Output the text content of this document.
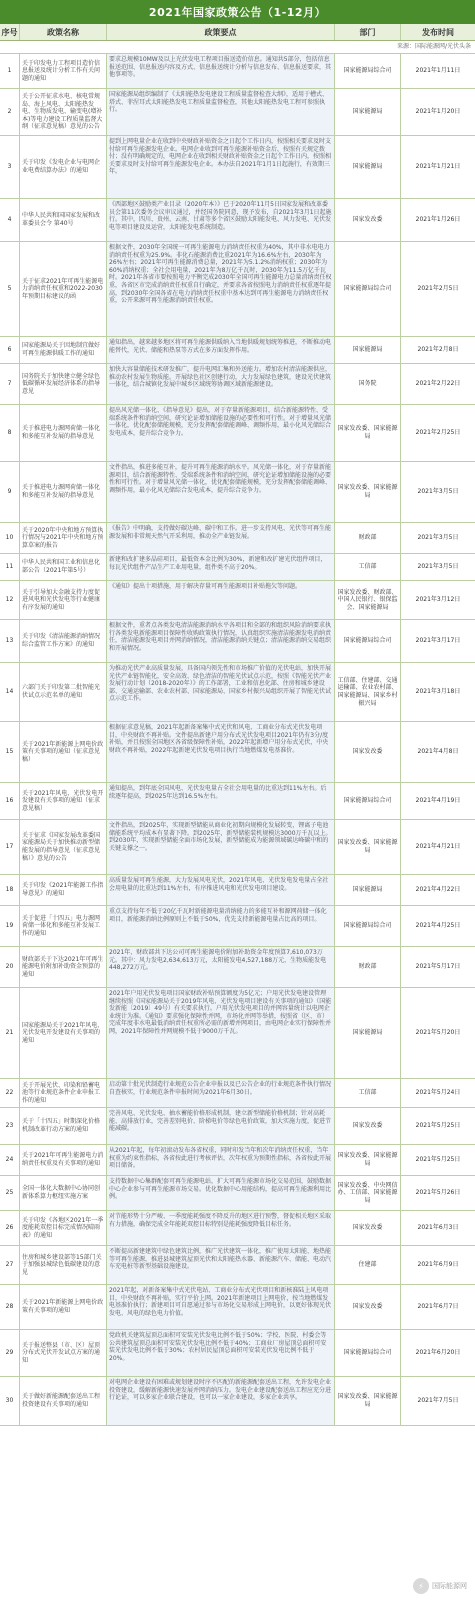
2021年国家政策公告（1-12月）
序号	政策名称	政策要点	部门	发布时间
来源：国际能源网/光伏头条
1
关于印发电力工程项目造价信息报送及统计分析工作有关问题的通知
要求总规模10MW及以上光伏发电工程项目报送造价信息。通知共5部分，包括信息报送范围、信息报送内容及方式、信息报送统计分析与信息发布、信息报送要求，其他事项等。
国家能源局综合司	2021年1月11日
2
关于公开征求水电、核电常规岛、海上风电、太阳能热发电、生物质发电、输变电(增补本)等电力建设工程质量监督大纲（征求意见稿）意见的公告
国家能源局组织编制了《太阳能热发电建设工程质量监督检查大纲》，适用于槽式、塔式、菲涅耳式太阳能热发电工程质量监督检查，其他太阳能热发电工程可参照执行。	国家能源局	2021年1月20日
3
关于印发《发电企业与电网企业电费结算办法》的通知
提到上网电量企业在收到中央财政补贴资金之日起个工作日内，按照相关要求及时支付给可再生能源发电企业。电网企业收到可再生能源补贴资金后，按照有关规定拨付；没有明确规定的，电网企业在收到相关财政补贴资金之日起个工作日内，按照相关要求及时支付给可再生能源发电企业。本办法自2021年1月1日起施行，有效期三年。
国家能源局	2021年1月21日
4
中华人民共和国国家发展和改革委员会令 第40号
《西部地区鼓励类产业目录（2020年本）》已于2020年11月5日国家发展和改革委员会第11次委务会议审议通过，并经国务院同意，现予发布，自2021年3月1日起施行。其中，四川、贵州、云南、甘肃等多个省区鼓励太阳能发电、风力发电、光伏发电等项目建设及运营，太阳能发电系统制造。
国家发改委	2021年1月26日
5
关于征求2021年可再生能源电力消纳责任权重和2022-2030年预期目标建议的函
根据文件，2030年全国统一可再生能源电力消纳责任权重为40%，其中非水电电力消纳责任权重为25.9%。非化石能源消费比重2021年为16.6%左右，2030年为26%左右；2021年可再生能源消费总量，2021年为5.1.2%消纳权重；2030年为60%消纳权重；全社会用电量，2021年为8万亿千瓦时，2030年为11.5万亿千瓦时。2021年各省市要按照电力平衡完成2030年全国可再生能源电力总量消纳责任权重，各省区市完成消纳责任权重自行确定，并要求各省按照电力消纳责任权重逐年提高，到2030年全国各省在电力消纳责任权重中基本达到可再生能源电力消纳责任权重，公开来源可再生能源消纳责任权重。
国家能源局综合司	2021年2月5日
6
国家能源局关于因地制宜做好可再生能源供暖工作的通知
通知指出，越来越多地区将可再生能源供暖纳入当地供暖规划统筹推进，不断推动电能替代，光伏、储能和热泵等方式在多方面发挥作用。	国家能源局	2021年2月8日
7
国务院关于加快建立健全绿色低碳循环发展经济体系的指导意见
加快大容量储能技术研发推广，提升电网汇集和外送能力。增加农村清洁能源供应，推动农村发展生物质能。开展绿色社区创建行动，大力发展绿色建筑，建设光伏建筑一体化，结合城镇化发展中城乡区域统筹协调区域新能源建设。	国务院	2021年2月22日
8
关于推进电力源网荷储一体化和多能互补发展的指导意见
提出风光储一体化、《指导意见》提出，对于存量新能源项目，结合新能源特性、受端系统条件和消纳空间，研究论证增加储能设施的必要性和可行性。对于增量风光储一体化，优化配套储能规模，充分发挥配套储能调峰、调频作用，最小化风光储综合发电成本，提升综合竞争力。
国家发改委、国家能源局
2021年2月25日
9
关于推进电力源网荷储一体化和多能互补发展的指导意见
文件指出，推进多能互补，提升可再生能源消纳水平。风光储一体化，对于存量新能源项目，结合新能源特性、受端系统条件和消纳空间，研究论证增加储能设施的必要性和可行性。对于增量风光储一体化，优化配套储能规模，充分发挥配套储能调峰、调频作用，最小化风光储综合发电成本，提升综合竞争力。	国家发改委、国家能源局
2021年3月5日
10
关于2020年中央和地方预算执行情况与2021年中央和地方预算草案的报告
《报告》中明确，支持做好碳达峰、碳中和工作。进一步支持风电、光伏等可再生能源发展和非常规天然气开采利用，推动全产业链发展。	财政部	2021年3月5日
11
中华人民共和国工业和信息化部公告（2021年第5号）
新建和改扩建多晶硅项目，最低资本金比例为30%，新建和改扩建光伏组件项目，每瓦光伏组件产品生产工业用电量，组件类不高于20%。	工信部	2021年3月5日
12
关于引导加大金融支持力度促进风电和光伏发电等行业健康有序发展的通知
《通知》提出十项措施，用于解决存量可再生能源项目补贴拖欠等问题。
国家发改委、财政部、中国人民银行、银保监会、国家能源局
2021年3月12日
13
关于印发《清洁能源消纳情况综合监管工作方案》的通知
根据文件，重者点各类发电清洁能源消纳水平各项目和全部的和组织风险消纳要求执行各类发电新能源项目保障性收购政策执行情况，认真组织实施清洁能源发电消纳责任，清洁能源发电项目并网消纳情况，清洁能源消纳关键点；清洁能源消纳交易组织和开展情况。
国家能源局综合司	2021年3月17日
14
六部门关于印发第二批智能光伏试点示范名单的通知
为推动光伏产业高质量发展，具备国内领先性和市场推广价值的光伏电站，加快开展光伏产业链智能化，安全高效、绿色清洁的智能光伏试点示范，按照《智能光伏产业发展行动计划（2018-2020年）》的工作部署，工业和信息化部、住房和城乡建设部、交通运输部、农业农村部、国家能源局、国家乡村振兴局组织开展了智能光伏试点示范工作。
工信部、住建部、交通运输部、农业农村部、国家能源局、国家乡村振兴局
2021年3月18日
15
关于2021年新能源上网电价政策有关事项的通知（征求意见稿）
根据征求意见稿，2021年起新备案集中式光伏和风电、工商业分布式光伏发电项目，中央财政不再补贴。文件提出新建户用分布式光伏发电项目2021年仍有3分/度补贴，并且按照全国地区各省级保障性补贴，2022年起新增户用分布式光伏，中央财政不再补贴，2022年起新建光伏发电项目执行当地燃煤发电基准价。	国家发改委	2021年4月8日
16
关于2021年风电、光伏发电开发建设有关事项的通知（征求意见稿）
通知提出，到年底全国风电、光伏发电量占全社会用电量的比重达到11%左右。后续逐年提高，到2025年达到16.5%左右。
国家能源局综合司	2021年4月19日
17
关于征求《国家发展改革委国家能源局关于加快推动新型储能发展的指导意见（征求意见稿）》意见的公告
文件指出，到2025年，实现新型储能从商业化初期向规模化发展转变，锂离子电池储能系统平均成本有显著下降。到2025年，新型储能装机规模达3000万千瓦以上。到2030年，实现新型储能全面市场化发展，新型储能成为能源领域碳达峰碳中和的关键支撑之一。
国家发改委、国家能源局
2021年4月21日
18
关于印发《2021年能源工作指导意见》的通知
高质量发展可再生能源，大力发展风电光伏，2021年风电、光伏发电发电量占全社会用电量的比重达到11%左右，有序推进风电和光伏发电项目建设。	国家能源局	2021年4月22日
19
关于促进「十四五」电力源网荷储一体化和多能互补发展工作的通知
重点支持每年不低于20亿千瓦时新能源电量消纳能力的多能互补和源网荷储一体化项目，新能源消纳比例原则上不低于50%，优先支持新能源电量占比高的项目。
国家能源局综合司	2021年4月25日
20
财政部关于下达2021年可再生能源电价附加补助资金预算的通知
2021年，财政部共下达公司可再生能源电价附加补助资金年度预算7,610,073万元。其中：风力发电2,634,613万元，太阳能发电4,527,188万元，生物质能发电448,272万元。	财政部	2021年5月17日
21
国家能源局关于2021年风电、光伏发电开发建设有关事项的通知
2021年户用光伏发电项目国家财政补贴预算额度为5亿元；户用光伏发电建设管理继续按照《国家能源局关于2019年风电、光伏发电项目建设有关事项的通知》（国能发新能〔2019〕49号）有关要求执行。户用光伏发电项目的并网容量统计以电网企业统计为准。《通知》要求强化保障性并网，市场化并网等举措，按照省（区、市）完成年度非水电最低消纳责任权重所必需的新增并网项目，由电网企业实行保障性并网，2021年保障性并网规模不低于9000万千瓦。	国家能源局	2021年5月20日
22
关于开展光伏、印染和铅蓄电池等行业规范条件企业申报工作的通知
启动第十批光伏制造行业规范公告企业申报以及已公告企业的行业规范条件执行情况自查核实，行业规范条件申报时间为2021年6月30日。	工信部	2021年5月24日
23
关于「十四五」时期深化价格机制改革行动方案的通知
完善风电、光伏发电、抽水蓄能价格形成机制，建立新型储能价格机制；针对高耗能、高排放行业，完善差别电价、阶梯电价等绿色电价政策，加大实施力度，促进节能减碳。	国家发改委	2021年5月25日
24
关于2021年可再生能源电力消纳责任权重及有关事项的通知
从2021年起，每年初滚动发布各省权重，同时印发当年和次年消纳责任权重，当年权重为约束性指标，各省按此进行考核评估，次年权重为预期性指标，各省按此开展项目储备。
国家发改委、国家能源局
2021年5月25日
25
全国一体化大数据中心协同创新体系算力枢纽实施方案
支持数据中心集群配套可再生能源电站，扩大可再生能源市场化交易范围，鼓励数据中心企业参与可再生能源市场交易。优化数据中心用能结构，提高可再生能源利用比例。
国家发改委、中央网信办、工信部、国家能源局
2021年5月26日
26
关于印发《各地区2021年一季度能耗双控目标完成情况晴雨表》的通知
对节能形势十分严峻、一季度能耗强度不降反升的地区进行预警，督促相关地区采取有力措施，确保完成全年能耗双控目标特别是能耗强度降低目标任务。
国家发改委	2021年6月3日
27
住房和城乡建设部等15部门关于加强县城绿色低碳建设的意见
不断提高新建建筑中绿色建筑比例，推广光伏建筑一体化，推广使用太阳能、地热能等可再生能源，推进县城建筑屋顶光伏和太阳能热水器、新能源汽车、储能、电动汽车充电桩等新型基础设施建设。	住建部	2021年6月9日
28
关于2021年新能源上网电价政策有关事项的通知
2021年起，对新备案集中式光伏电站、工商业分布式光伏项目和新核准陆上风电项目，中央财政不再补贴，实行平价上网。2021年新建项目上网电价，按当地燃煤发电基准价执行；新建项目可自愿通过参与市场化交易形成上网电价，以更好体现光伏发电、风电的绿色电力价值。
国家发改委	2021年6月7日
29
关于报送整县（市、区）屋顶分布式光伏开发试点方案的通知
党政机关建筑屋顶总面积可安装光伏发电比例不低于50%；学校、医院、村委会等公共建筑屋顶总面积可安装光伏发电比例不低于40%；工商业厂房屋顶总面积可安装光伏发电比例不低于30%；农村居民屋顶总面积可安装光伏发电比例不低于20%。
国家能源局综合司	2021年6月20日
30
关于做好新能源配套送出工程投资建设有关事项的通知
对电网企业建设有困难或规划建设时序不匹配的新能源配套送出工程，允许发电企业投资建设，缓解新能源快速发展并网消纳压力。发电企业建设配套送出工程应充分进行论证，可以多家企业联合建设，也可以一家企业建设，多家企业共享。	国家发改委、国家能源局
2021年7月5日
⚡	国际能源网
